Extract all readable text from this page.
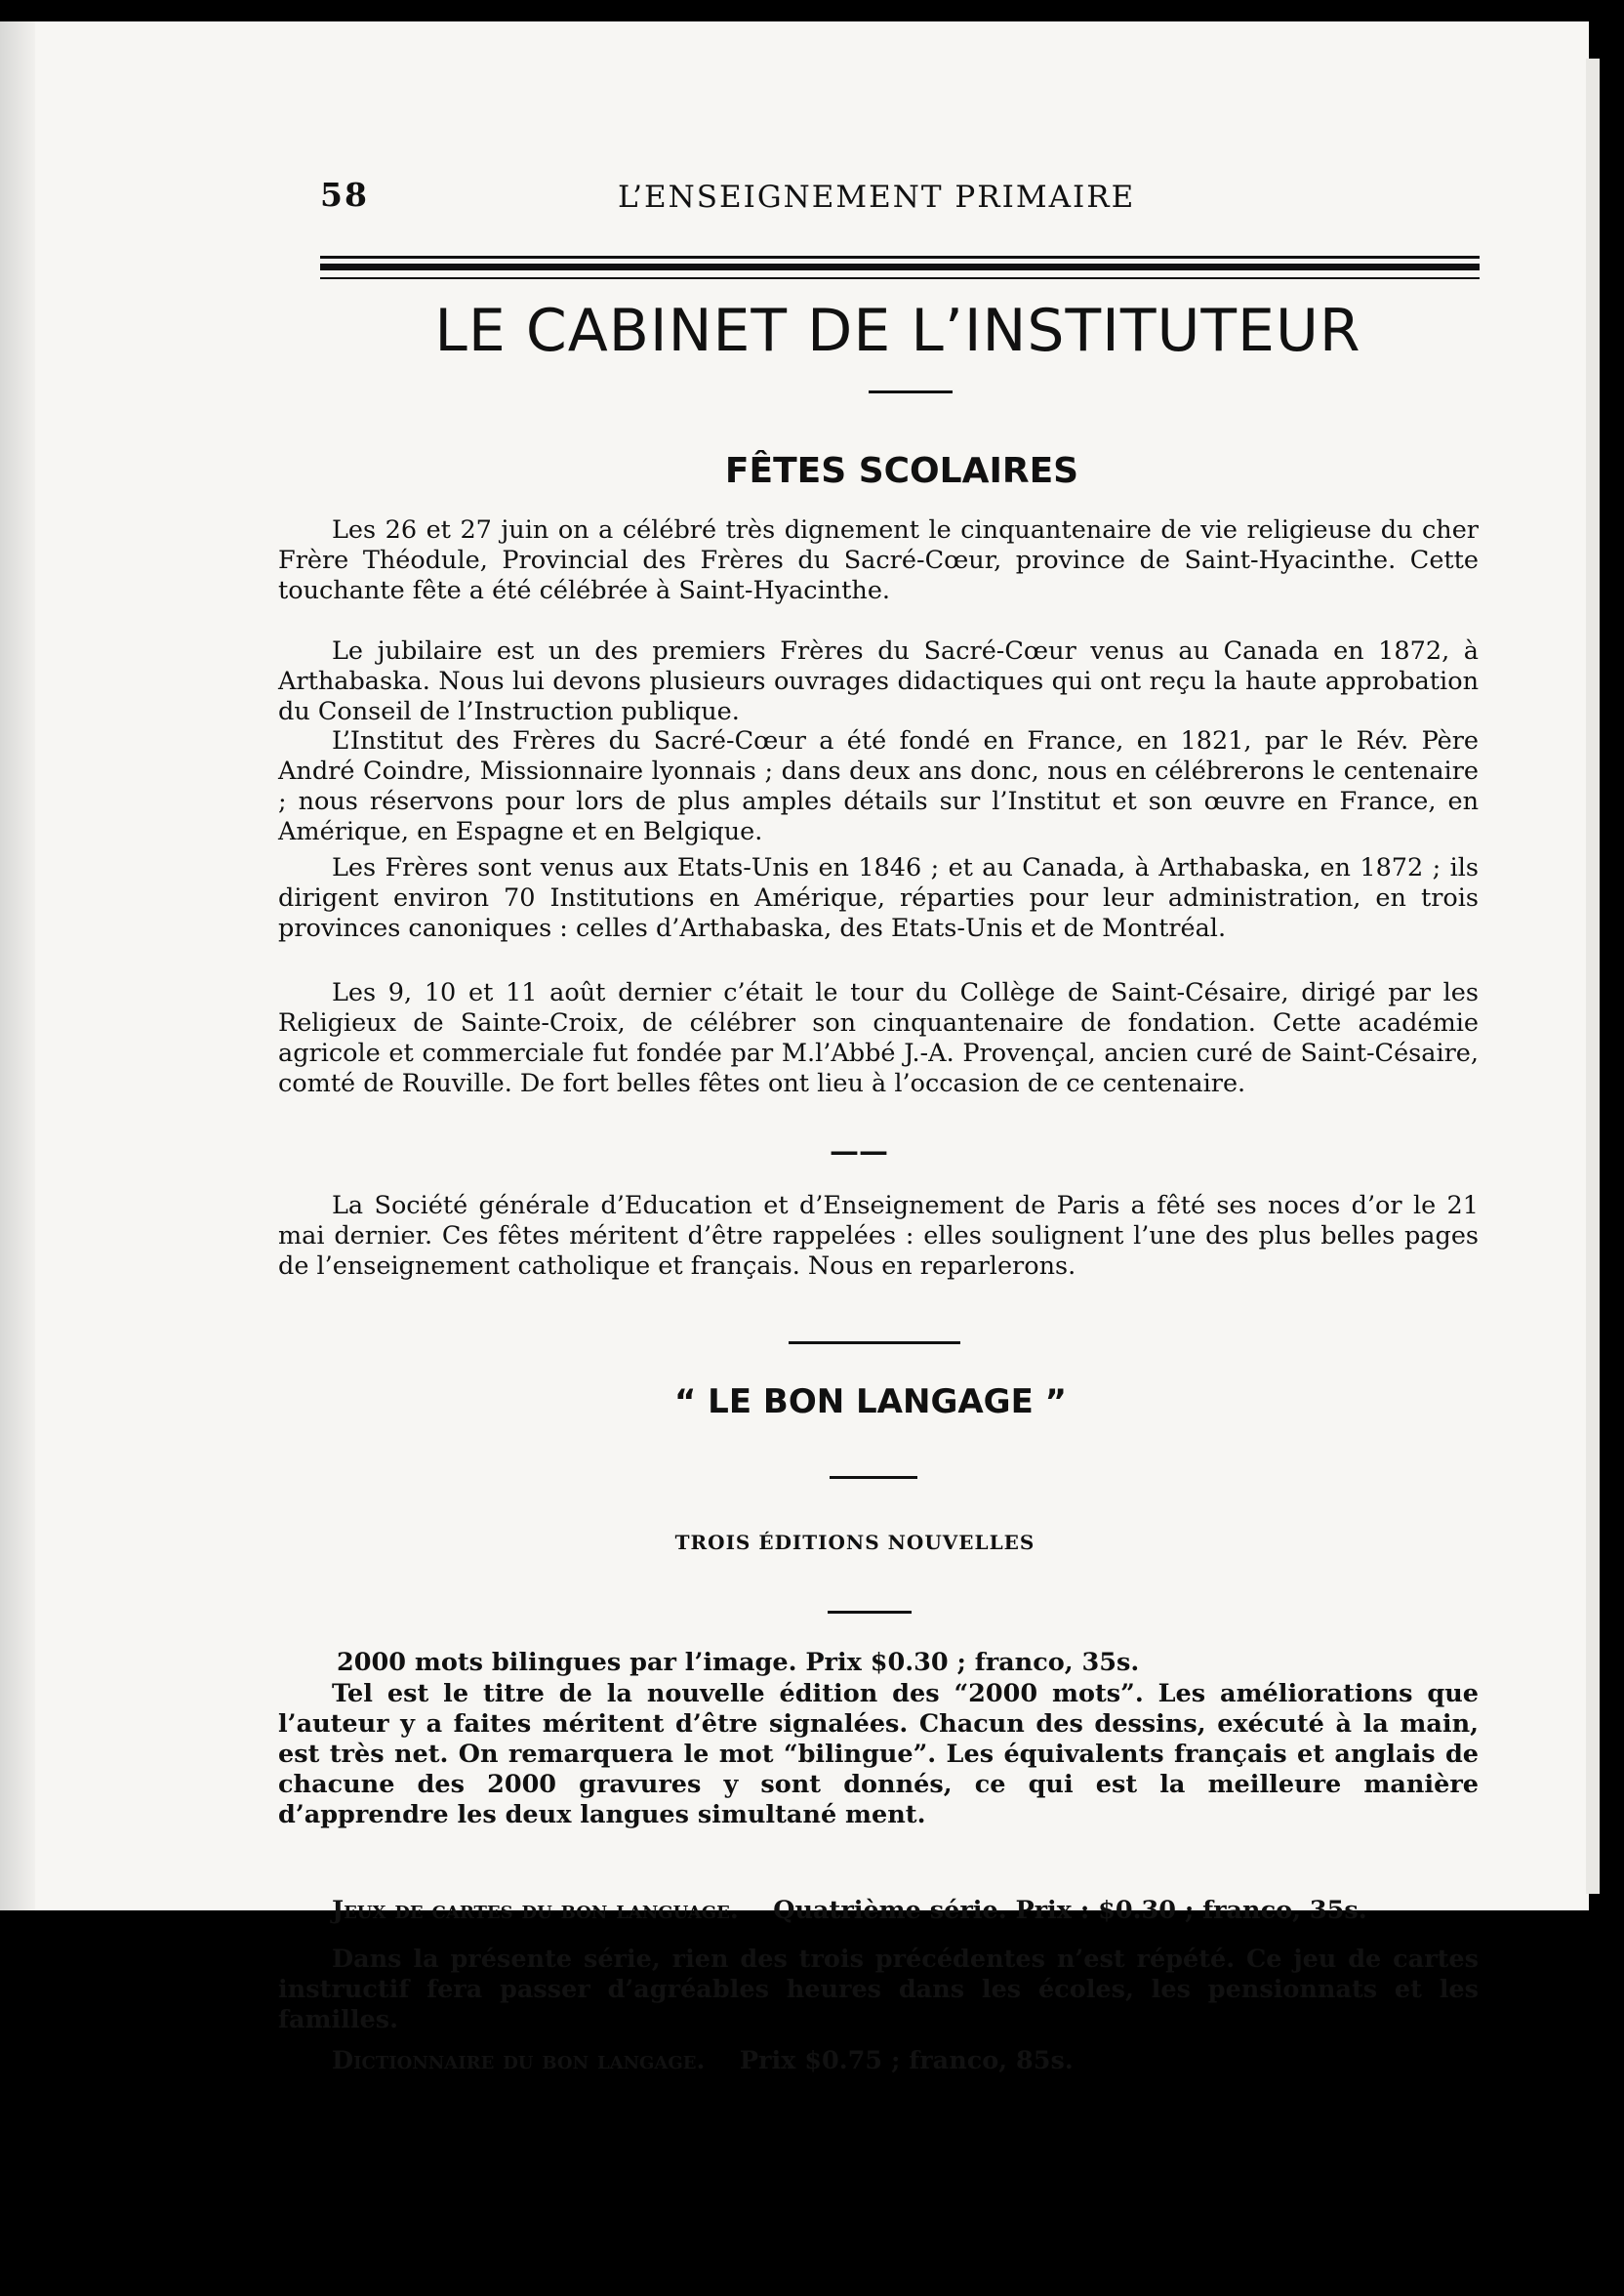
58	L’ENSEIGNEMENT PRIMAIRE
LE CABINET DE L’INSTITUTEUR
FÊTES SCOLAIRES

Les 26 et 27 juin on a célébré très dignement le cinquantenaire de vie religieuse du cher Frère Théodule, Provincial des Frères du Sacré-Cœur, province de Saint-Hyacinthe. Cette touchante fête a été célébrée à Saint-Hyacinthe.

Le jubilaire est un des premiers Frères du Sacré-Cœur venus au Canada en 1872, à Arthabaska. Nous lui devons plusieurs ouvrages didactiques qui ont reçu la haute approbation du Conseil de l’Instruction publique.

L’Institut des Frères du Sacré-Cœur a été fondé en France, en 1821, par le Rév. Père André Coindre, Missionnaire lyonnais ; dans deux ans donc, nous en célébrerons le centenaire ; nous réservons pour lors de plus amples détails sur l’Institut et son œuvre en France, en Amérique, en Espagne et en Belgique.

Les Frères sont venus aux Etats-Unis en 1846 ; et au Canada, à Arthabaska, en 1872 ; ils dirigent environ 70 Institutions en Amérique, réparties pour leur administration, en trois provinces canoniques : celles d’Arthabaska, des Etats-Unis et de Montréal.

Les 9, 10 et 11 août dernier c’était le tour du Collège de Saint-Césaire, dirigé par les Religieux de Sainte-Croix, de célébrer son cinquantenaire de fondation. Cette académie agricole et commerciale fut fondée par M.l’Abbé J.-A. Provençal, ancien curé de Saint-Césaire, comté de Rouville. De fort belles fêtes ont lieu à l’occasion de ce centenaire.

——

La Société générale d’Education et d’Enseignement de Paris a fêté ses noces d’or le 21 mai dernier. Ces fêtes méritent d’être rappelées : elles soulignent l’une des plus belles pages de l’enseignement catholique et français. Nous en reparlerons.

“ LE BON LANGAGE ”
TROIS ÉDITIONS NOUVELLES

2000 mots bilingues par l’image. Prix $0.30 ; franco, 35s.

Tel est le titre de la nouvelle édition des “2000 mots”. Les améliorations que l’auteur y a faites méritent d’être signalées. Chacun des dessins, exécuté à la main, est très net. On remarquera le mot “bilingue”. Les équivalents français et anglais de chacune des 2000 gravures y sont donnés, ce qui est la meilleure manière d’apprendre les deux langues simultané ment.

Jeux de cartes du bon language. Quatrième série. Prix : $0.30 ; franco, 35s.

Dans la présente série, rien des trois précédentes n’est répété. Ce jeu de cartes instructif fera passer d’agréables heures dans les écoles, les pensionnats et les familles.

Dictionnaire du bon langage. Prix $0.75 ; franco, 85s.
